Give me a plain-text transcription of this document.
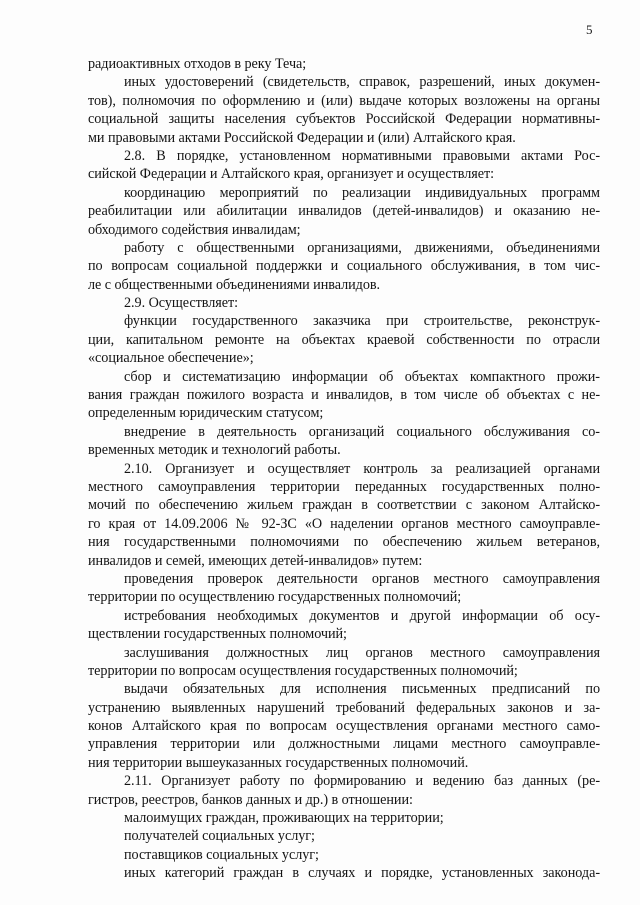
5
радиоактивных отходов в реку Теча;
иных удостоверений (свидетельств, справок, разрешений, иных докумен-
тов), полномочия по оформлению и (или) выдаче которых возложены на органы
социальной защиты населения субъектов Российской Федерации нормативны-
ми правовыми актами Российской Федерации и (или) Алтайского края.
2.8. В порядке, установленном нормативными правовыми актами Рос-
сийской Федерации и Алтайского края, организует и осуществляет:
координацию мероприятий по реализации индивидуальных программ
реабилитации или абилитации инвалидов (детей-инвалидов) и оказанию не-
обходимого содействия инвалидам;
работу с общественными организациями, движениями, объединениями
по вопросам социальной поддержки и социального обслуживания, в том чис-
ле с общественными объединениями инвалидов.
2.9. Осуществляет:
функции государственного заказчика при строительстве, реконструк-
ции, капитальном ремонте на объектах краевой собственности по отрасли
«социальное обеспечение»;
сбор и систематизацию информации об объектах компактного прожи-
вания граждан пожилого возраста и инвалидов, в том числе об объектах с не-
определенным юридическим статусом;
внедрение в деятельность организаций социального обслуживания со-
временных методик и технологий работы.
2.10. Организует и осуществляет контроль за реализацией органами
местного самоуправления территории переданных государственных полно-
мочий по обеспечению жильем граждан в соответствии с законом Алтайско-
го края от 14.09.2006 № 92-ЗС «О наделении органов местного самоуправле-
ния государственными полномочиями по обеспечению жильем ветеранов,
инвалидов и семей, имеющих детей-инвалидов» путем:
проведения проверок деятельности органов местного самоуправления
территории по осуществлению государственных полномочий;
истребования необходимых документов и другой информации об осу-
ществлении государственных полномочий;
заслушивания должностных лиц органов местного самоуправления
территории по вопросам осуществления государственных полномочий;
выдачи обязательных для исполнения письменных предписаний по
устранению выявленных нарушений требований федеральных законов и за-
конов Алтайского края по вопросам осуществления органами местного само-
управления территории или должностными лицами местного самоуправле-
ния территории вышеуказанных государственных полномочий.
2.11. Организует работу по формированию и ведению баз данных (ре-
гистров, реестров, банков данных и др.) в отношении:
малоимущих граждан, проживающих на территории;
получателей социальных услуг;
поставщиков социальных услуг;
иных категорий граждан в случаях и порядке, установленных законода-
